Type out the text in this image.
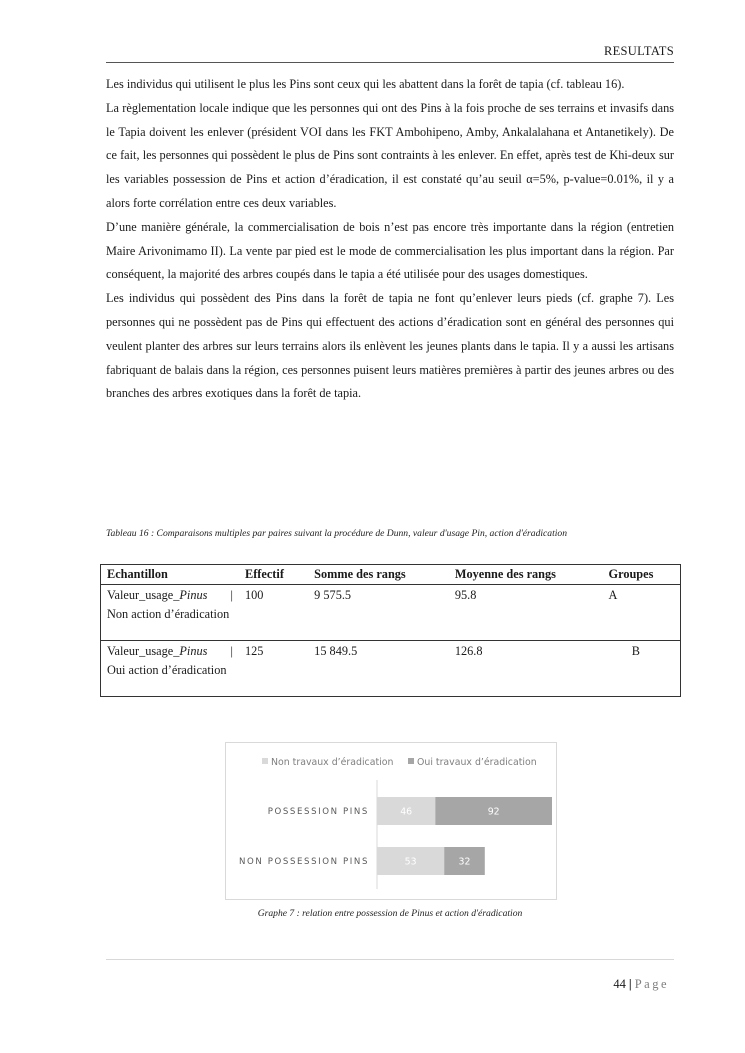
RESULTATS

Les individus qui utilisent le plus les Pins sont ceux qui les abattent dans la forêt de tapia (cf. tableau 16).

La règlementation locale indique que les personnes qui ont des Pins à la fois proche de ses terrains et invasifs dans le Tapia doivent les enlever (président VOI dans les FKT Ambohipeno, Amby, Ankalalahana et Antanetikely). De ce fait, les personnes qui possèdent le plus de Pins sont contraints à les enlever. En effet, après test de Khi-deux sur les variables possession de Pins et action d’éradication, il est constaté qu’au seuil α=5%, p-value=0.01%, il y a alors forte corrélation entre ces deux variables.

D’une manière générale, la commercialisation de bois n’est pas encore très importante dans la région (entretien Maire Arivonimamo II). La vente par pied est le mode de commercialisation les plus important dans la région. Par conséquent, la majorité des arbres coupés dans le tapia a été utilisée pour des usages domestiques.

Les individus qui possèdent des Pins dans la forêt de tapia ne font qu’enlever leurs pieds (cf. graphe 7). Les personnes qui ne possèdent pas de Pins qui effectuent des actions d’éradication sont en général des personnes qui veulent planter des arbres sur leurs terrains alors ils enlèvent les jeunes plants dans le tapia. Il y a aussi les artisans fabriquant de balais dans la région, ces personnes puisent leurs matières premières à partir des jeunes arbres ou des branches des arbres exotiques dans la forêt de tapia.

Tableau 16 : Comparaisons multiples par paires suivant la procédure de Dunn, valeur d'usage Pin, action d'éradication
Echantillon	Effectif	Somme des rangs	Moyenne des rangs	Groupes
Valeur_usage_Pinus | Non action d’éradication	100	9 575.5	95.8	A
Valeur_usage_Pinus | Oui action d’éradication	125	15 849.5	126.8	B
Non travaux d’éradication	Oui travaux d’éradication
POSSESSION PINS	46	92
NON POSSESSION PINS	53	32
Graphe 7 : relation entre possession de Pinus et action d'éradication
44 | Page
